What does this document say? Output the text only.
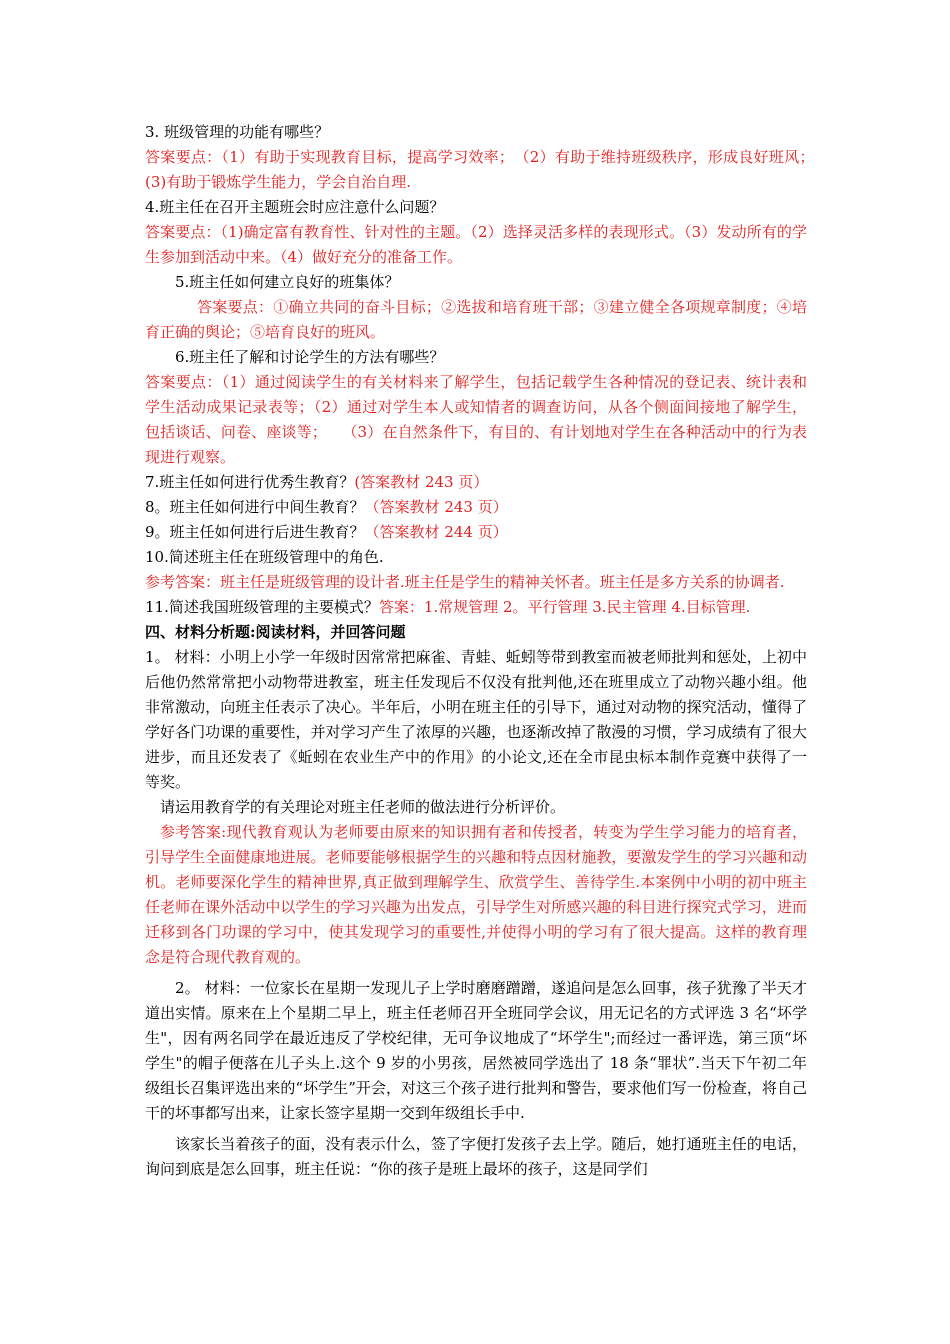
3. 班级管理的功能有哪些？

答案要点：（1）有助于实现教育目标，提高学习效率；　（2）有助于维持班级秩序，形成良好班风；　(3)有助于锻炼学生能力，学会自治自理.

4.班主任在召开主题班会时应注意什么问题？

答案要点：（1)确定富有教育性、针对性的主题。（2）选择灵活多样的表现形式。（3）发动所有的学生参加到活动中来。（4）做好充分的准备工作。

5.班主任如何建立良好的班集体？

答案要点：①确立共同的奋斗目标；②选拔和培育班干部；③建立健全各项规章制度；④培育正确的舆论；⑤培育良好的班风。

6.班主任了解和讨论学生的方法有哪些？

答案要点：（1）通过阅读学生的有关材料来了解学生，包括记载学生各种情况的登记表、统计表和学生活动成果记录表等；（2）通过对学生本人或知情者的调查访问，从各个侧面间接地了解学生，包括谈话、问卷、座谈等；　　（3）在自然条件下，有目的、有计划地对学生在各种活动中的行为表现进行观察。

7.班主任如何进行优秀生教育？(答案教材 243 页）

8。班主任如何进行中间生教育？（答案教材 243 页）

9。班主任如何进行后进生教育？（答案教材 244 页）

10.简述班主任在班级管理中的角色.

参考答案：班主任是班级管理的设计者.班主任是学生的精神关怀者。班主任是多方关系的协调者.

11.简述我国班级管理的主要模式？答案：1.常规管理 2。平行管理 3.民主管理 4.目标管理.

四、材料分析题:阅读材料，并回答问题

1。 材料：小明上小学一年级时因常常把麻雀、青蛙、蚯蚓等带到教室而被老师批判和惩处，上初中后他仍然常常把小动物带进教室，班主任发现后不仅没有批判他,还在班里成立了动物兴趣小组。他非常激动，向班主任表示了决心。半年后，小明在班主任的引导下，通过对动物的探究活动，懂得了学好各门功课的重要性，并对学习产生了浓厚的兴趣，也逐渐改掉了散漫的习惯，学习成绩有了很大进步，而且还发表了《蚯蚓在农业生产中的作用》的小论文,还在全市昆虫标本制作竞赛中获得了一等奖。

请运用教育学的有关理论对班主任老师的做法进行分析评价。

参考答案:现代教育观认为老师要由原来的知识拥有者和传授者，转变为学生学习能力的培育者，引导学生全面健康地进展。老师要能够根据学生的兴趣和特点因材施教，要激发学生的学习兴趣和动机。老师要深化学生的精神世界,真正做到理解学生、欣赏学生、善待学生.本案例中小明的初中班主任老师在课外活动中以学生的学习兴趣为出发点，引导学生对所感兴趣的科目进行探究式学习，进而迁移到各门功课的学习中，使其发现学习的重要性,并使得小明的学习有了很大提高。这样的教育理念是符合现代教育观的。

2。 材料：一位家长在星期一发现儿子上学时磨磨蹭蹭，遂追问是怎么回事，孩子犹豫了半天才道出实情。原来在上个星期二早上，班主任老师召开全班同学会议，用无记名的方式评选 3 名“坏学生"，因有两名同学在最近违反了学校纪律，无可争议地成了“坏学生";而经过一番评选，第三顶“坏学生"的帽子便落在儿子头上.这个 9 岁的小男孩，居然被同学选出了 18 条“罪状”.当天下午初二年级组长召集评选出来的“坏学生”开会，对这三个孩子进行批判和警告，要求他们写一份检查，将自己干的坏事都写出来，让家长签字星期一交到年级组长手中.

该家长当着孩子的面，没有表示什么，签了字便打发孩子去上学。随后，她打通班主任的电话，询问到底是怎么回事，班主任说：“你的孩子是班上最坏的孩子，这是同学们
